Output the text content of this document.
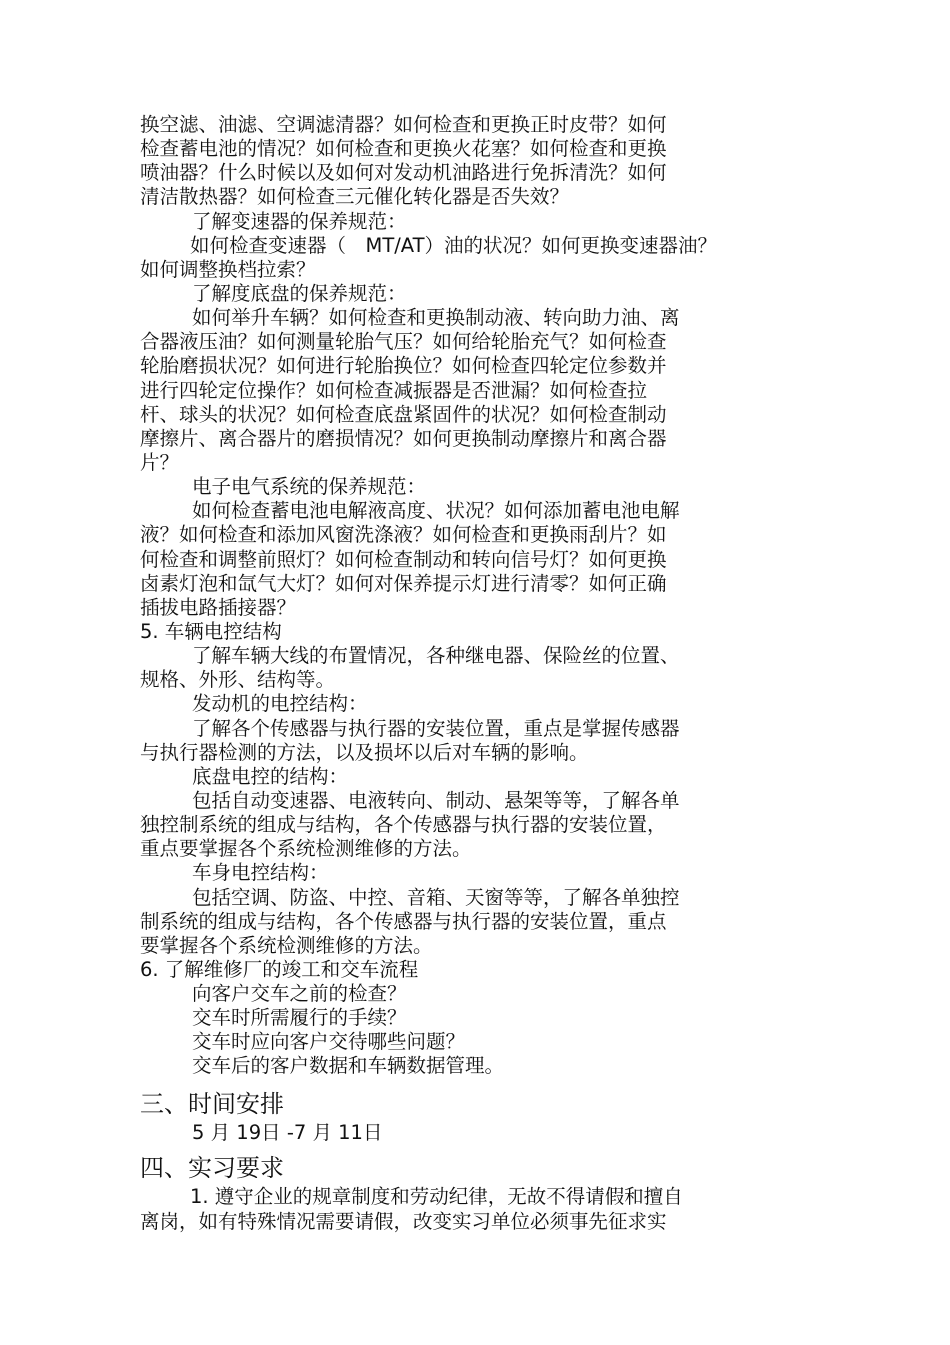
换空滤、油滤、空调滤清器？如何检查和更换正时皮带？如何
检查蓄电池的情况？如何检查和更换火花塞？如何检查和更换
喷油器？什么时候以及如何对发动机油路进行免拆清洗？如何
清洁散热器？如何检查三元催化转化器是否失效？
了解变速器的保养规范：
如何检查变速器（　MT/AT）油的状况？如何更换变速器油？
如何调整换档拉索？
了解度底盘的保养规范：
如何举升车辆？如何检查和更换制动液、转向助力油、离
合器液压油？如何测量轮胎气压？如何给轮胎充气？如何检查
轮胎磨损状况？如何进行轮胎换位？如何检查四轮定位参数并
进行四轮定位操作？如何检查减振器是否泄漏？如何检查拉
杆、球头的状况？如何检查底盘紧固件的状况？如何检查制动
摩擦片、离合器片的磨损情况？如何更换制动摩擦片和离合器
片？
电子电气系统的保养规范：
如何检查蓄电池电解液高度、状况？如何添加蓄电池电解
液？如何检查和添加风窗洗涤液？如何检查和更换雨刮片？如
何检查和调整前照灯？如何检查制动和转向信号灯？如何更换
卤素灯泡和氙气大灯？如何对保养提示灯进行清零？如何正确
插拔电路插接器？
5. 车辆电控结构
了解车辆大线的布置情况，各种继电器、保险丝的位置、
规格、外形、结构等。
发动机的电控结构：
了解各个传感器与执行器的安装位置，重点是掌握传感器
与执行器检测的方法，以及损坏以后对车辆的影响。
底盘电控的结构：
包括自动变速器、电液转向、制动、悬架等等，了解各单
独控制系统的组成与结构，各个传感器与执行器的安装位置，
重点要掌握各个系统检测维修的方法。
车身电控结构：
包括空调、防盗、中控、音箱、天窗等等，了解各单独控
制系统的组成与结构，各个传感器与执行器的安装位置，重点
要掌握各个系统检测维修的方法。
6. 了解维修厂的竣工和交车流程
向客户交车之前的检查？
交车时所需履行的手续？
交车时应向客户交待哪些问题？
交车后的客户数据和车辆数据管理。
三、时间安排
5 月 19日 -7 月 11日
四、实习要求
1. 遵守企业的规章制度和劳动纪律，无故不得请假和擅自
离岗，如有特殊情况需要请假，改变实习单位必须事先征求实
